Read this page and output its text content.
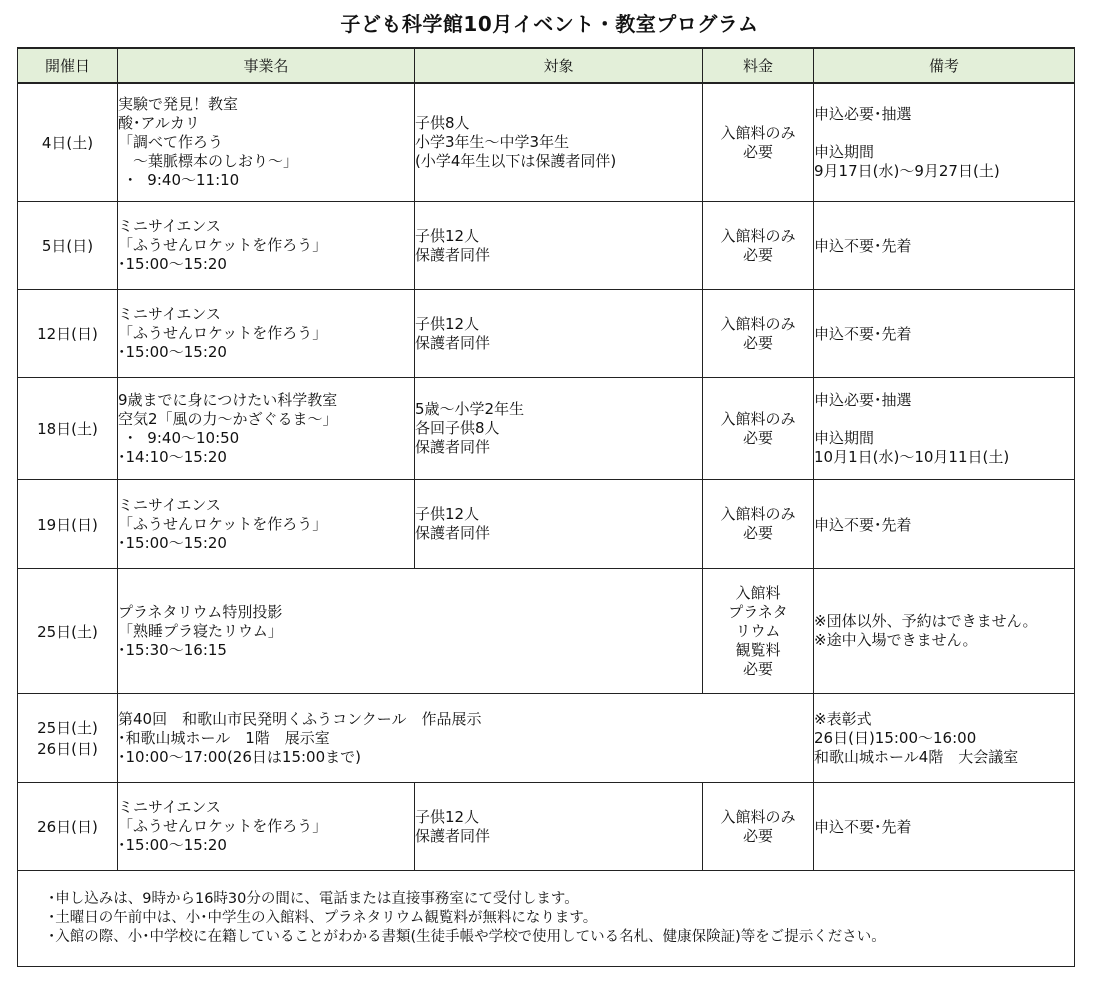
子ども科学館10月イベント・教室プログラム
開催日	事業名	対象	料金	備考

4日(土)	実験で発見！教室
酸･アルカリ
「調べて作ろう
　～葉脈標本のしおり～」
・  9:40～11:10	子供8人
小学3年生～中学3年生
(小学4年生以下は保護者同伴)	入館料のみ
必要	申込必要･抽選
申込期間
9月17日(水)～9月27日(土)

5日(日)	ミニサイエンス
「ふうせんロケットを作ろう」
･15:00～15:20	子供12人
保護者同伴	入館料のみ
必要	申込不要･先着

12日(日)	ミニサイエンス
「ふうせんロケットを作ろう」
･15:00～15:20	子供12人
保護者同伴	入館料のみ
必要	申込不要･先着

18日(土)	9歳までに身につけたい科学教室
空気2「風の力～かざぐるま～」
・  9:40～10:50
･14:10～15:20	5歳～小学2年生
各回子供8人
保護者同伴	入館料のみ
必要	申込必要･抽選
申込期間
10月1日(水)～10月11日(土)

19日(日)	ミニサイエンス
「ふうせんロケットを作ろう」
･15:00～15:20	子供12人
保護者同伴	入館料のみ
必要	申込不要･先着

25日(土)	プラネタリウム特別投影
「熟睡プラ寝たリウム」
･15:30～16:15		入館料
プラネタ
リウム
観覧料
必要	※団体以外、予約はできません。
※途中入場できません。

25日(土)
26日(日)	第40回　和歌山市民発明くふうコンクール　作品展示
･和歌山城ホール　1階　展示室
･10:00～17:00(26日は15:00まで)			※表彰式
26日(日)15:00～16:00
和歌山城ホール4階　大会議室

26日(日)	ミニサイエンス
「ふうせんロケットを作ろう」
･15:00～15:20	子供12人
保護者同伴	入館料のみ
必要	申込不要･先着

･申し込みは、9時から16時30分の間に、電話または直接事務室にて受付します。
･土曜日の午前中は、小･中学生の入館料、プラネタリウム観覧料が無料になります。
･入館の際、小･中学校に在籍していることがわかる書類(生徒手帳や学校で使用している名札、健康保険証)等をご提示ください。				
